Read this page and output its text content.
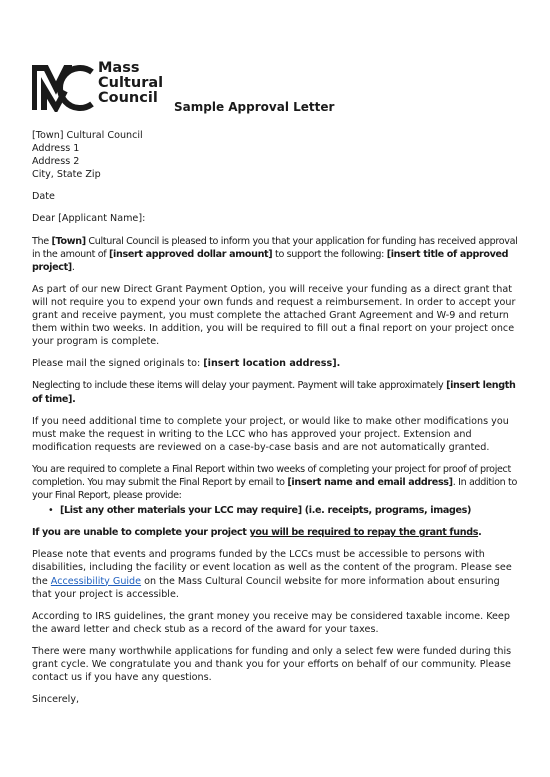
Mass
Cultural
Council
Sample Approval Letter

[Town] Cultural Council
Address 1
Address 2
City, State Zip

Date

Dear [Applicant Name]:

The [Town] Cultural Council is pleased to inform you that your application for funding has received approval in the amount of [insert approved dollar amount] to support the following: [insert title of approved project].

As part of our new Direct Grant Payment Option, you will receive your funding as a direct grant that will not require you to expend your own funds and request a reimbursement. In order to accept your grant and receive payment, you must complete the attached Grant Agreement and W-9 and return them within two weeks. In addition, you will be required to fill out a final report on your project once your program is complete.

Please mail the signed originals to: [insert location address].

Neglecting to include these items will delay your payment. Payment will take approximately [insert length of time].

If you need additional time to complete your project, or would like to make other modifications you must make the request in writing to the LCC who has approved your project. Extension and modification requests are reviewed on a case-by-case basis and are not automatically granted.

You are required to complete a Final Report within two weeks of completing your project for proof of project completion. You may submit the Final Report by email to [insert name and email address]. In addition to your Final Report, please provide:

• [List any other materials your LCC may require] (i.e. receipts, programs, images)

If you are unable to complete your project you will be required to repay the grant funds.

Please note that events and programs funded by the LCCs must be accessible to persons with disabilities, including the facility or event location as well as the content of the program. Please see the Accessibility Guide on the Mass Cultural Council website for more information about ensuring that your project is accessible.

According to IRS guidelines, the grant money you receive may be considered taxable income. Keep the award letter and check stub as a record of the award for your taxes.

There were many worthwhile applications for funding and only a select few were funded during this grant cycle. We congratulate you and thank you for your efforts on behalf of our community. Please contact us if you have any questions.

Sincerely,
